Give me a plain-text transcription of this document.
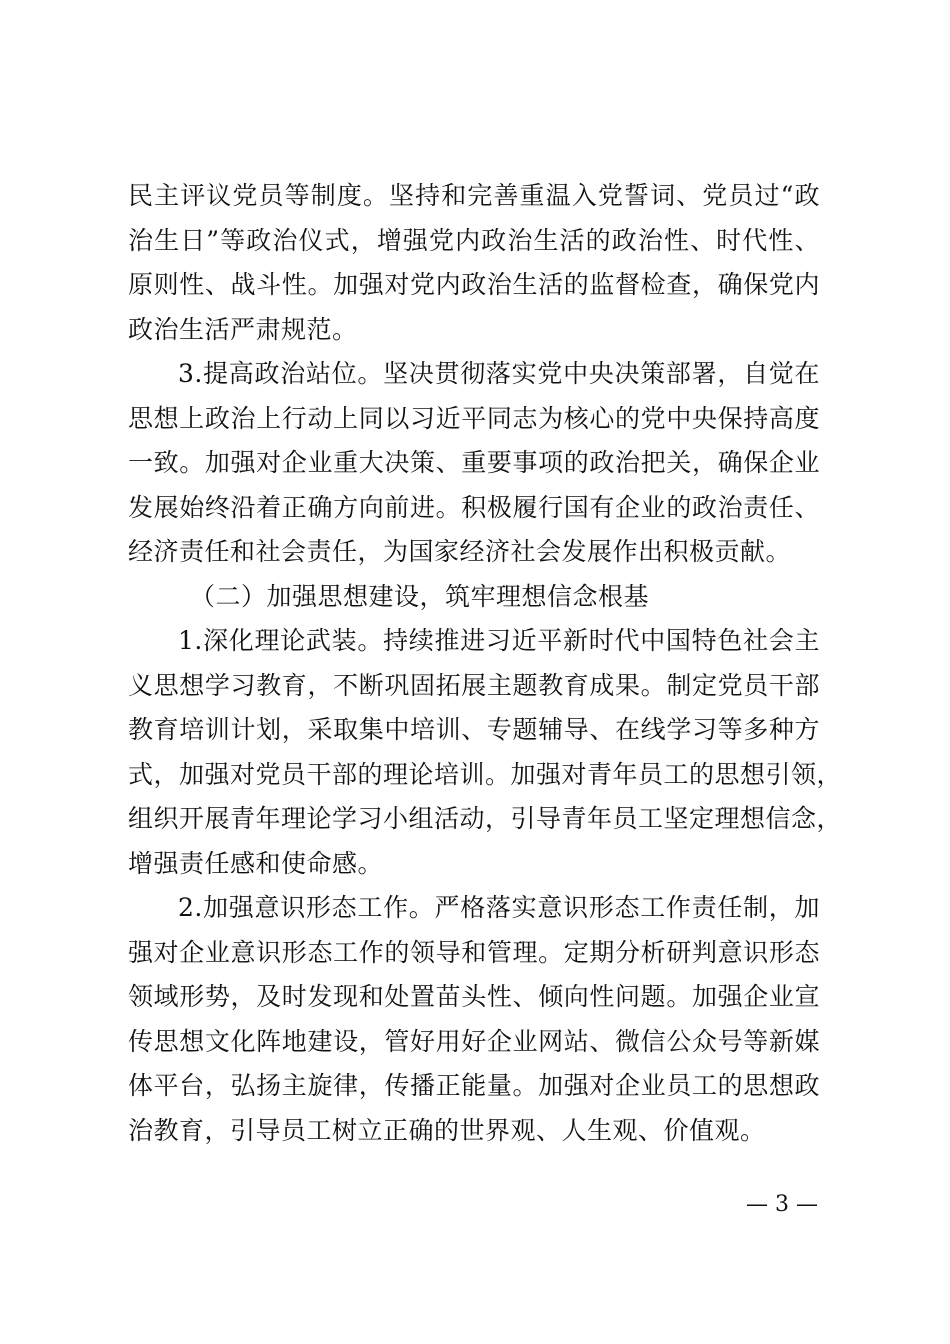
民主评议党员等制度。坚持和完善重温入党誓词、党员过“政
治生日”等政治仪式，增强党内政治生活的政治性、时代性、
原则性、战斗性。加强对党内政治生活的监督检查，确保党内
政治生活严肃规范。
3.提高政治站位。坚决贯彻落实党中央决策部署，自觉在
思想上政治上行动上同以习近平同志为核心的党中央保持高度
一致。加强对企业重大决策、重要事项的政治把关，确保企业
发展始终沿着正确方向前进。积极履行国有企业的政治责任、
经济责任和社会责任，为国家经济社会发展作出积极贡献。
（二）加强思想建设，筑牢理想信念根基
1.深化理论武装。持续推进习近平新时代中国特色社会主
义思想学习教育，不断巩固拓展主题教育成果。制定党员干部
教育培训计划，采取集中培训、专题辅导、在线学习等多种方
式，加强对党员干部的理论培训。加强对青年员工的思想引领，
组织开展青年理论学习小组活动，引导青年员工坚定理想信念，
增强责任感和使命感。
2.加强意识形态工作。严格落实意识形态工作责任制，加
强对企业意识形态工作的领导和管理。定期分析研判意识形态
领域形势，及时发现和处置苗头性、倾向性问题。加强企业宣
传思想文化阵地建设，管好用好企业网站、微信公众号等新媒
体平台，弘扬主旋律，传播正能量。加强对企业员工的思想政
治教育，引导员工树立正确的世界观、人生观、价值观。
— 3 —
